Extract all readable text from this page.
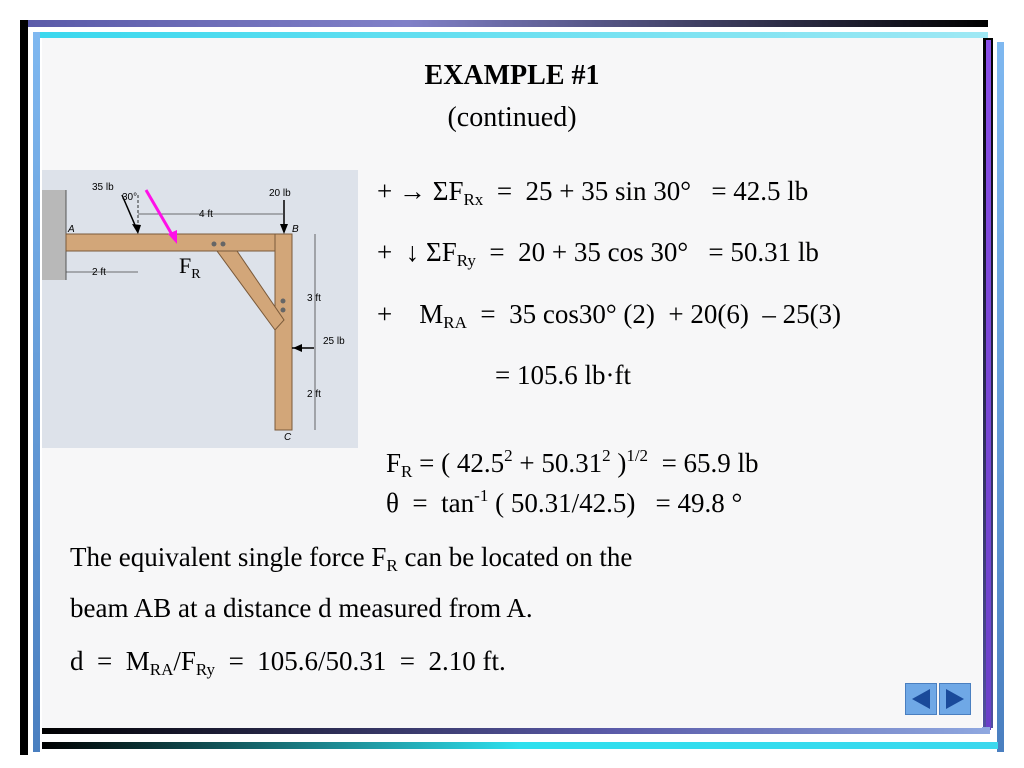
EXAMPLE #1
(continued)
35 lb
30°	20 lb
4 ft
A	B
C
2 ft
3 ft
25 lb
2 ft
$F_R$
+ → $\Sigma F_{Rx} = 25 + 35$ sin 30°   = 42.5 lb
+  ↓ $\Sigma F_{Ry} = 20 + 35$ cos 30°   = 50.31 lb
+    $M_{RA} = 35$ cos30° (2)  + 20(6)  – 25(3)
= 105.6 lb·ft
$F_R$ = ( $42.5^2 + 50.31^2$ )$^{1/2}$  = 65.9 lb
$\theta = \tan^{-1}$ ( 50.31/42.5)   = 49.8 °
The equivalent single force $F_R$ can be located on the
beam AB at a distance d measured from A.
$d = M_{RA}/F_{Ry} = 105.6/50.31 = 2.10$ ft.
